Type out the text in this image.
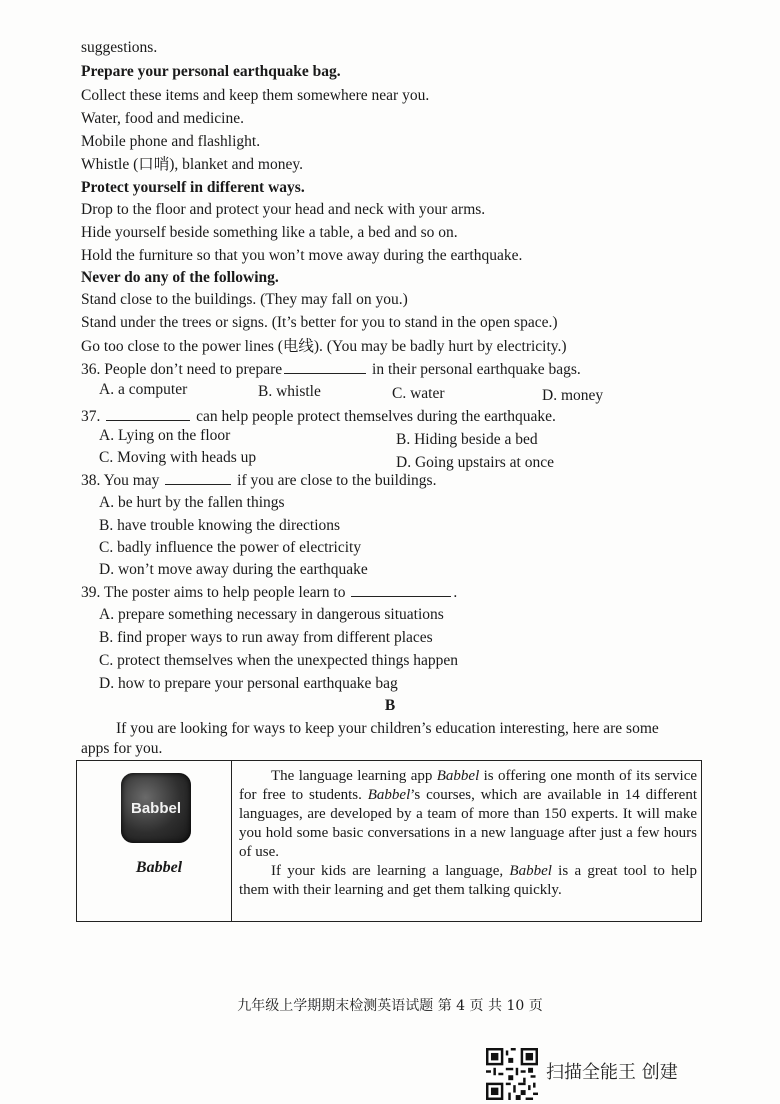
suggestions.
Prepare your personal earthquake bag.
Collect these items and keep them somewhere near you.
Water, food and medicine.
Mobile phone and flashlight.
Whistle (口哨), blanket and money.
Protect yourself in different ways.
Drop to the floor and protect your head and neck with your arms.
Hide yourself beside something like a table, a bed and so on.
Hold the furniture so that you won’t move away during the earthquake.
Never do any of the following.
Stand close to the buildings. (They may fall on you.)
Stand under the trees or signs. (It’s better for you to stand in the open space.)
Go too close to the power lines (电线). (You may be badly hurt by electricity.)
36. People don’t need to prepare	in their personal earthquake bags.
A. a computer	B. whistle	C. water	D. money
37.	can help people protect themselves during the earthquake.
A. Lying on the floor	B. Hiding beside a bed
C. Moving with heads up	D. Going upstairs at once
38. You may	if you are close to the buildings.
A. be hurt by the fallen things
B. have trouble knowing the directions
C. badly influence the power of electricity
D. won’t move away during the earthquake
39. The poster aims to help people learn to	.
A. prepare something necessary in dangerous situations
B. find proper ways to run away from different places
C. protect themselves when the unexpected things happen
D. how to prepare your personal earthquake bag
B
If you are looking for ways to keep your children’s education interesting, here are some
apps for you.
Babbel
Babbel

The language learning app Babbel is offering one month of its service for free to students. Babbel’s courses, which are available in 14 different languages, are developed by a team of more than 150 experts. It will make you hold some basic conversations in a new language after just a few hours of use.

If your kids are learning a language, Babbel is a great tool to help them with their learning and get them talking quickly.

九年级上学期期末检测英语试题 第 4 页 共 10 页
扫描全能王 创建
